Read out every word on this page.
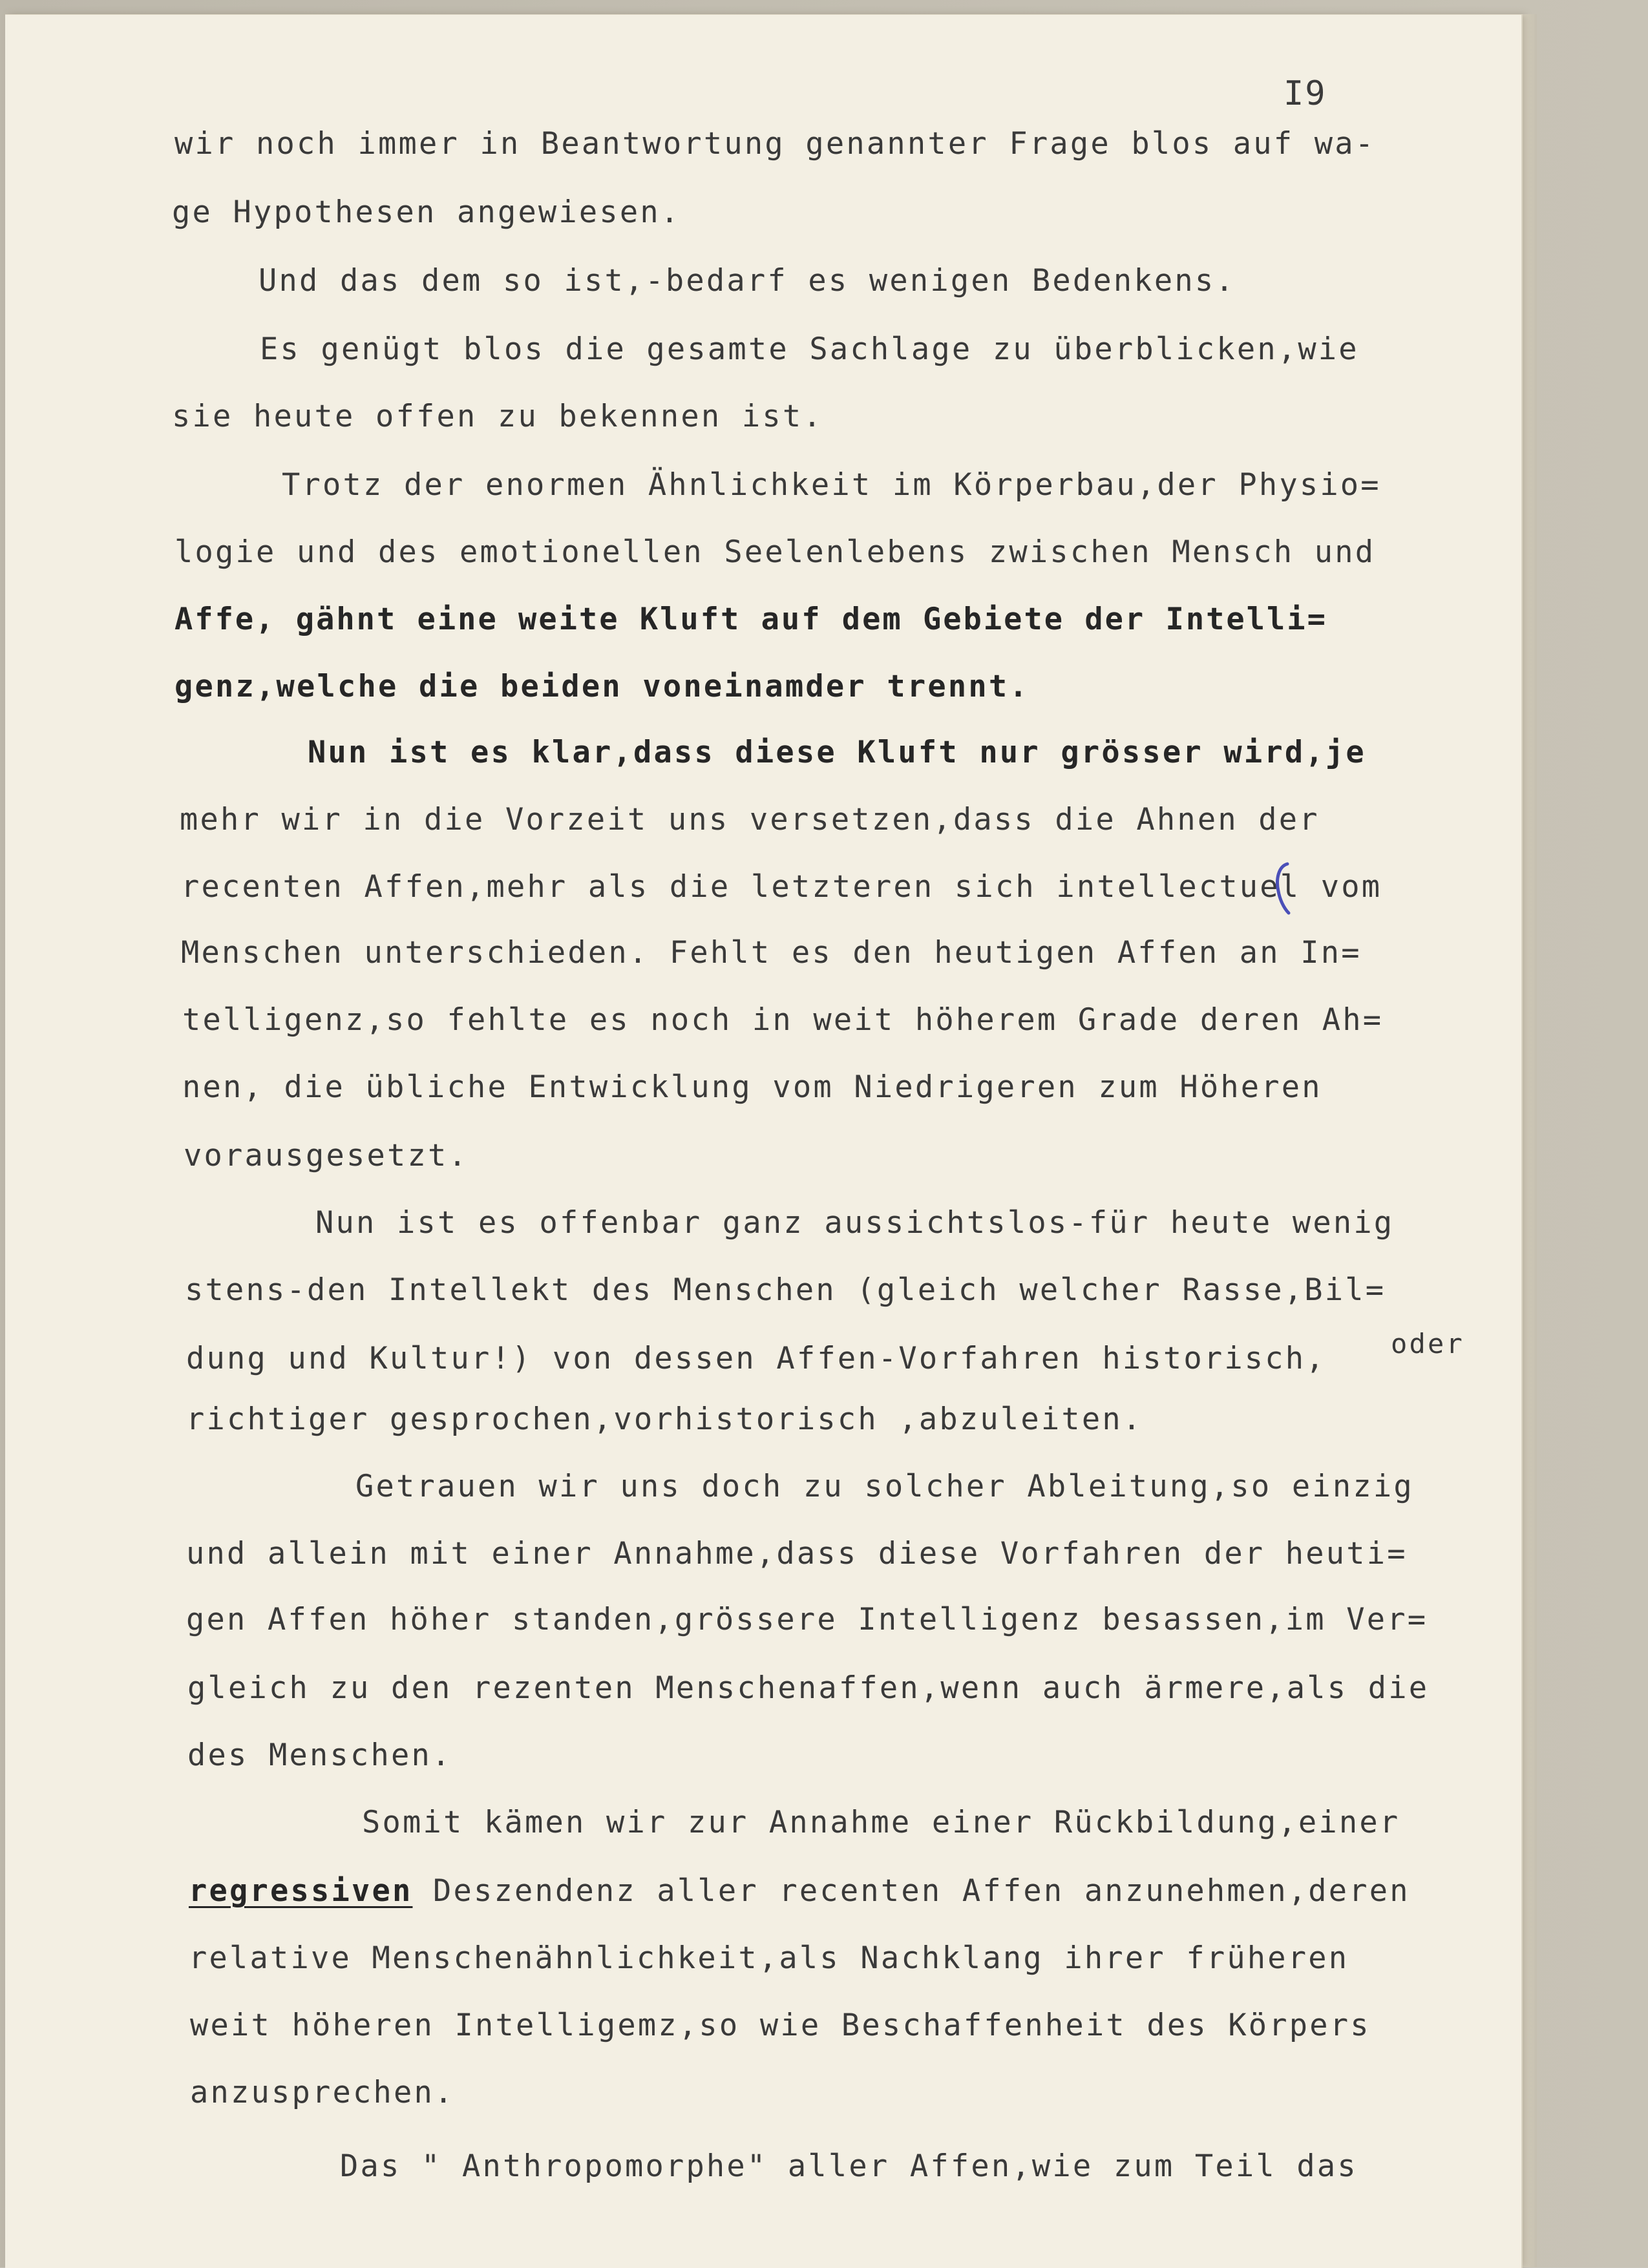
I9
wir noch immer in Beantwortung genannter Frage blos auf wa-
ge Hypothesen angewiesen.
Und das dem so ist,-bedarf es wenigen Bedenkens.
Es genügt blos die gesamte Sachlage zu überblicken,wie
sie heute offen zu bekennen ist.
Trotz der enormen Ähnlichkeit im Körperbau,der Physio=
logie und des emotionellen Seelenlebens zwischen Mensch und
Affe, gähnt eine weite Kluft auf dem Gebiete der Intelli=
genz,welche die beiden voneinamder trennt.
Nun ist es klar,dass diese Kluft nur grösser wird,je
mehr wir in die Vorzeit uns versetzen,dass die Ahnen der
recenten Affen,mehr als die letzteren sich intellectuel vom
Menschen unterschieden. Fehlt es den heutigen Affen an In=
telligenz,so fehlte es noch in weit höherem Grade deren Ah=
nen, die übliche Entwicklung vom Niedrigeren zum Höheren
vorausgesetzt.
Nun ist es offenbar ganz aussichtslos-für heute wenig
stens-den Intellekt des Menschen (gleich welcher Rasse,Bil=
dung und Kultur!) von dessen Affen-Vorfahren historisch, oder
richtiger gesprochen,vorhistorisch ,abzuleiten.
Getrauen wir uns doch zu solcher Ableitung,so einzig
und allein mit einer Annahme,dass diese Vorfahren der heuti=
gen Affen höher standen,grössere Intelligenz besassen,im Ver=
gleich zu den rezenten Menschenaffen,wenn auch ärmere,als die
des Menschen.
Somit kämen wir zur Annahme einer Rückbildung,einer
regressiven Deszendenz aller recenten Affen anzunehmen,deren
relative Menschenähnlichkeit,als Nachklang ihrer früheren
weit höheren Intelligemz,so wie Beschaffenheit des Körpers
anzusprechen.
Das " Anthropomorphe" aller Affen,wie zum Teil das
